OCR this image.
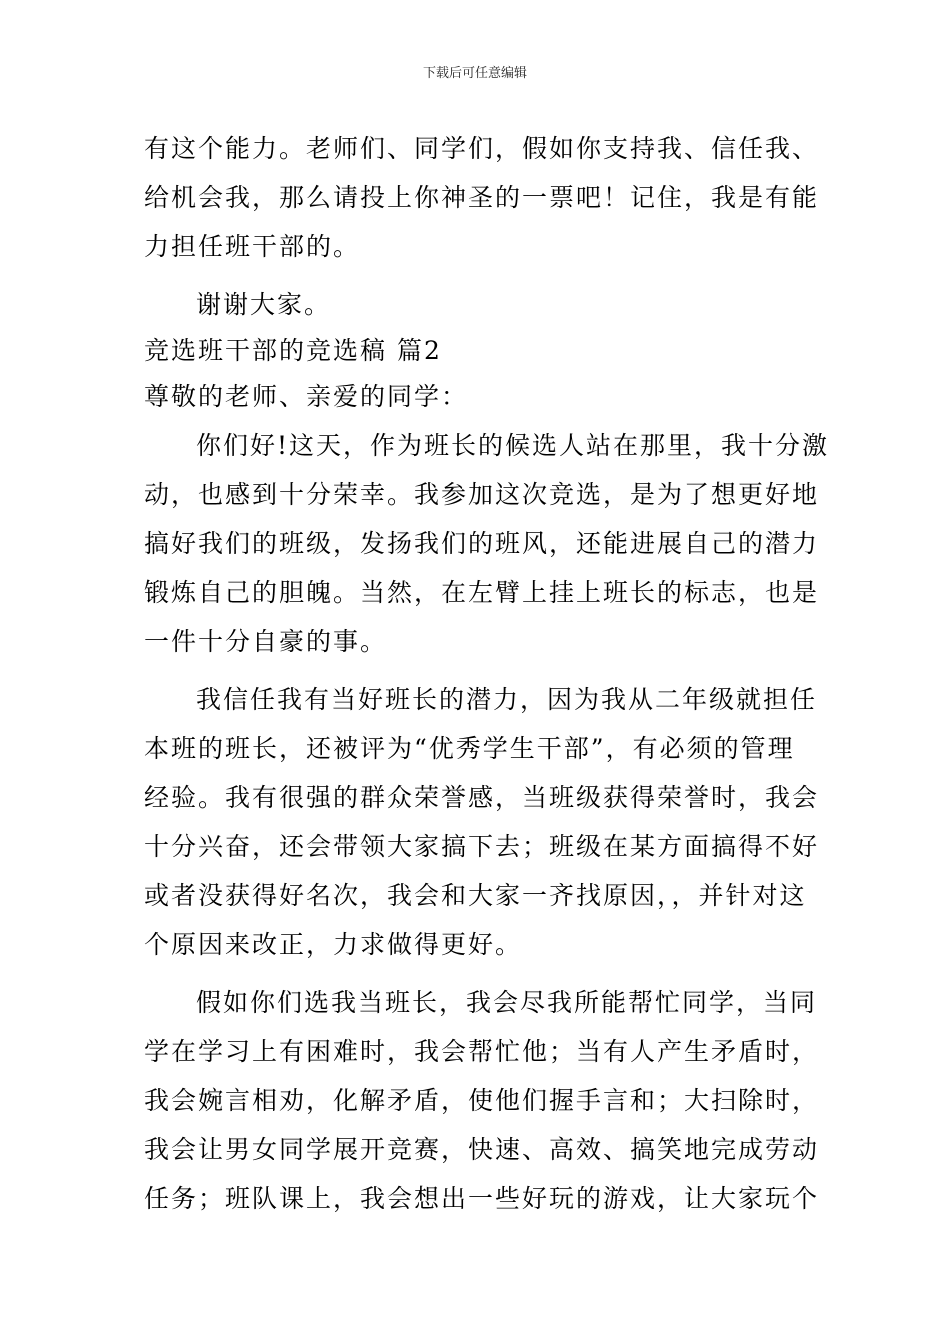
下载后可任意编辑
有这个能力。老师们、同学们，假如你支持我、信任我、
给机会我，那么请投上你神圣的一票吧！记住，我是有能
力担任班干部的。
谢谢大家。
竞选班干部的竞选稿 篇2
尊敬的老师、亲爱的同学：
你们好!这天，作为班长的候选人站在那里，我十分激
动，也感到十分荣幸。我参加这次竞选，是为了想更好地
搞好我们的班级，发扬我们的班风，还能进展自己的潜力
锻炼自己的胆魄。当然，在左臂上挂上班长的标志，也是
一件十分自豪的事。
我信任我有当好班长的潜力，因为我从二年级就担任
本班的班长，还被评为“优秀学生干部”，有必须的管理
经验。我有很强的群众荣誉感，当班级获得荣誉时，我会
十分兴奋，还会带领大家搞下去；班级在某方面搞得不好
或者没获得好名次，我会和大家一齐找原因，，并针对这
个原因来改正，力求做得更好。
假如你们选我当班长，我会尽我所能帮忙同学，当同
学在学习上有困难时，我会帮忙他；当有人产生矛盾时，
我会婉言相劝，化解矛盾，使他们握手言和；大扫除时，
我会让男女同学展开竞赛，快速、高效、搞笑地完成劳动
任务；班队课上，我会想出一些好玩的游戏，让大家玩个
